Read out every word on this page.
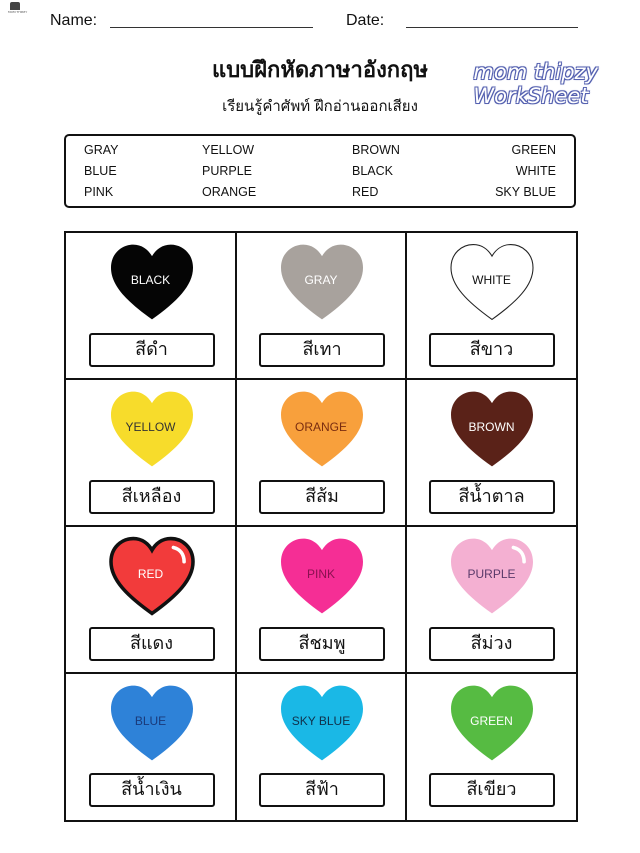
MOM THIPZY	Name:	Date:
แบบฝึกหัดภาษาอังกฤษ
เรียนรู้คำศัพท์ ฝึกอ่านออกเสียง
mom thipzy
WorkSheet
GRAY	YELLOW	BROWN	GREEN
BLUE	PURPLE	BLACK	WHITE
PINK	ORANGE	RED	SKY BLUE
BLACK
สีดำ
GRAY
สีเทา
WHITE
สีขาว
YELLOW
สีเหลือง
ORANGE
สีส้ม
BROWN
สีน้ำตาล
RED
สีแดง
PINK
สีชมพู
PURPLE
สีม่วง
BLUE
สีน้ำเงิน
SKY BLUE
สีฟ้า
GREEN
สีเขียว
